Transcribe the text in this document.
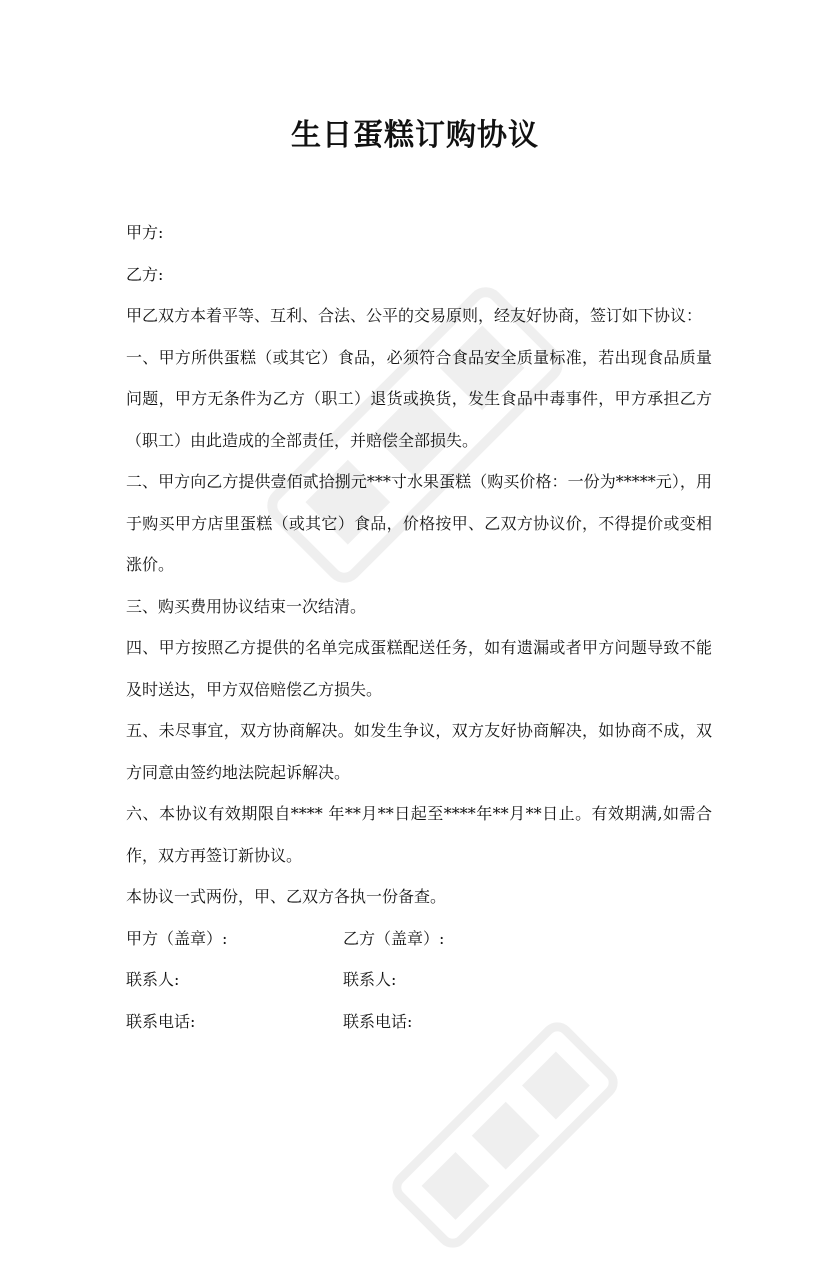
生日蛋糕订购协议

甲方:

乙方:

甲乙双方本着平等、互利、合法、公平的交易原则，经友好协商，签订如下协议：

一、甲方所供蛋糕（或其它）食品，必须符合食品安全质量标准，若出现食品质量问题，甲方无条件为乙方（职工）退货或换货，发生食品中毒事件，甲方承担乙方（职工）由此造成的全部责任，并赔偿全部损失。

二、甲方向乙方提供壹佰贰拾捌元***寸水果蛋糕（购买价格：一份为*****元），用于购买甲方店里蛋糕（或其它）食品，价格按甲、乙双方协议价，不得提价或变相涨价。

三、购买费用协议结束一次结清。

四、甲方按照乙方提供的名单完成蛋糕配送任务，如有遗漏或者甲方问题导致不能及时送达，甲方双倍赔偿乙方损失。

五、未尽事宜，双方协商解决。如发生争议，双方友好协商解决，如协商不成，双方同意由签约地法院起诉解决。

六、本协议有效期限自**** 年**月**日起至****年**月**日止。有效期满,如需合作，双方再签订新协议。

本协议一式两份，甲、乙双方各执一份备查。

甲方（盖章）:	乙方（盖章）:
联系人:	联系人:
联系电话:	联系电话:
